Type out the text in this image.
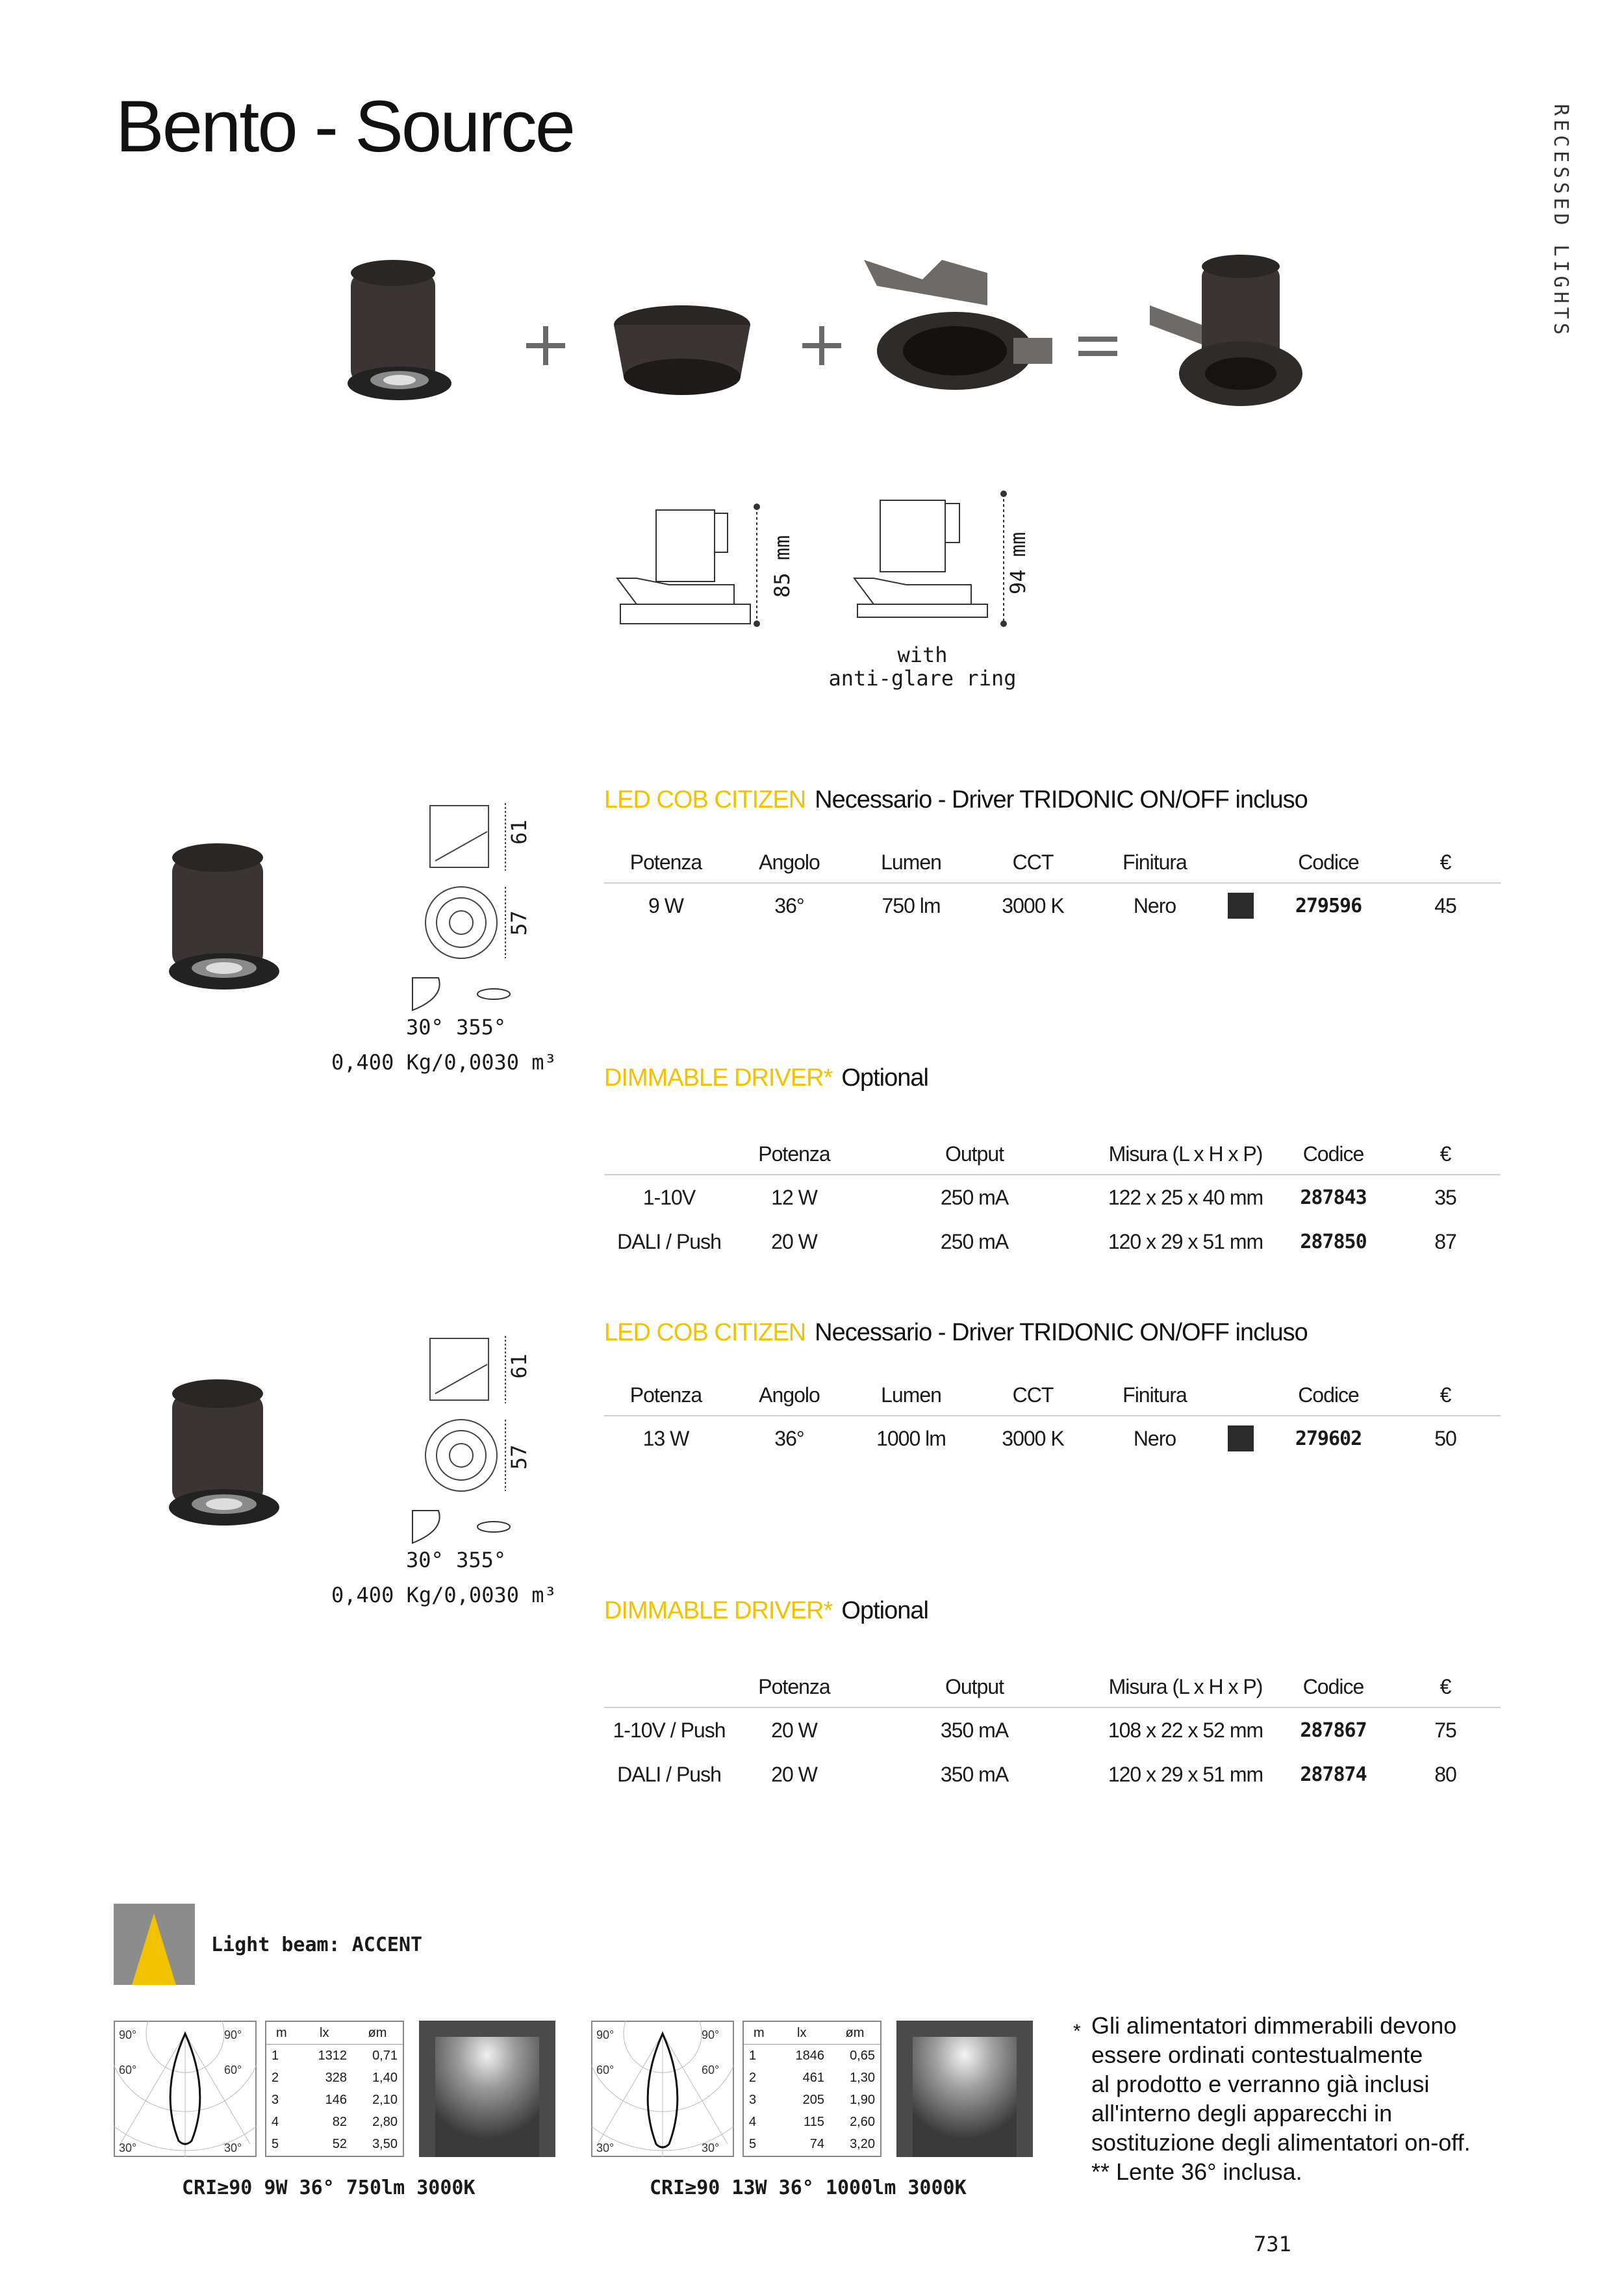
Bento - Source	RECESSED LIGHTS
85 mm	94 mm
with
anti-glare ring
61
57
30° 355°
0,400 Kg/0,0030 m³
LED COB CITIZEN Necessario - Driver TRIDONIC ON/OFF incluso
Potenza	Angolo	Lumen	CCT	Finitura		Codice	€
9 W	36°	750 lm	3000 K	Nero		279596	45
DIMMABLE DRIVER* Optional
	Potenza	Output	Misura (L x H x P)	Codice	€
1-10V	12 W	250 mA	122 x 25 x 40 mm	287843	35
DALI / Push	20 W	250 mA	120 x 29 x 51 mm	287850	87
61
57
30° 355°
0,400 Kg/0,0030 m³
LED COB CITIZEN Necessario - Driver TRIDONIC ON/OFF incluso
Potenza	Angolo	Lumen	CCT	Finitura		Codice	€
13 W	36°	1000 lm	3000 K	Nero		279602	50
DIMMABLE DRIVER* Optional
	Potenza	Output	Misura (L x H x P)	Codice	€
1-10V / Push	20 W	350 mA	108 x 22 x 52 mm	287867	75
DALI / Push	20 W	350 mA	120 x 29 x 51 mm	287874	80
Light beam: ACCENT
90°	90°
60°	60°
30°	30°
m	lx	øm
1	1312	0,71
2	328	1,40
3	146	2,10
4	82	2,80
5	52	3,50
CRI≥90 9W 36° 750lm 3000K
90°	90°
60°	60°
30°	30°
m	lx	øm
1	1846	0,65
2	461	1,30
3	205	1,90
4	115	2,60
5	74	3,20
CRI≥90 13W 36° 1000lm 3000K
* Gli alimentatori dimmerabili devono
essere ordinati contestualmente
al prodotto e verranno già inclusi
all'interno degli apparecchi in
sostituzione degli alimentatori on-off.
** Lente 36° inclusa.
731
